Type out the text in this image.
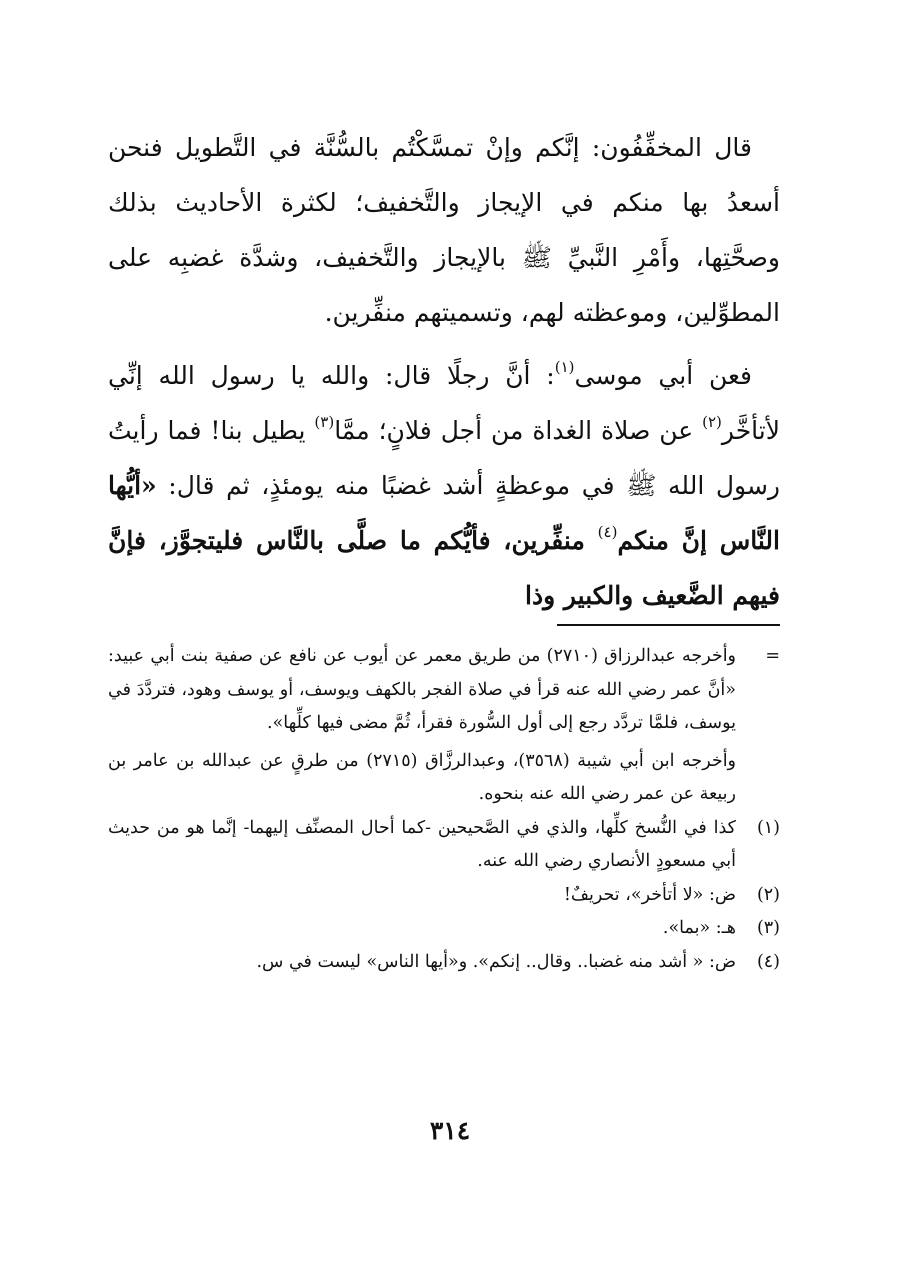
قال المخفِّفُون: إنَّكم وإنْ تمسَّكْتُم بالسُّنَّة في التَّطويل فنحن أسعدُ بها منكم في الإيجاز والتَّخفيف؛ لكثرة الأحاديث بذلك وصحَّتِها، وأَمْرِ النَّبيِّ ﷺ بالإيجاز والتَّخفيف، وشدَّة غضبِه على المطوِّلين، وموعظته لهم، وتسميتهم منفِّرين.

فعن أبي موسى$^{(١)}$: أنَّ رجلًا قال: والله يا رسول الله إنِّي لأتأخَّر$^{(٢)}$ عن صلاة الغداة من أجل فلانٍ؛ ممَّا$^{(٣)}$ يطيل بنا! فما رأيتُ رسول الله ﷺ في موعظةٍ أشد غضبًا منه يومئذٍ، ثم قال: «أيُّها النَّاس إنَّ منكم$^{(٤)}$ منفِّرين، فأيُّكم ما صلَّى بالنَّاس فليتجوَّز، فإنَّ فيهم الضَّعيف والكبير وذا

=

وأخرجه عبدالرزاق (٢٧١٠) من طريق معمر عن أيوب عن نافع عن صفية بنت أبي عبيد: «أنَّ عمر رضي الله عنه قرأ في صلاة الفجر بالكهف ويوسف، أو يوسف وهود، فتردَّدَ في يوسف، فلمَّا تردَّد رجع إلى أول السُّورة فقرأ، ثُمَّ مضى فيها كلِّها».

وأخرجه ابن أبي شيبة (٣٥٦٨)، وعبدالرزَّاق (٢٧١٥) من طرقٍ عن عبدالله بن عامر بن ربيعة عن عمر رضي الله عنه بنحوه.

(١)
كذا في النُّسخ كلِّها، والذي في الصَّحيحين -كما أحال المصنِّف إليهما- إنَّما هو من حديث أبي مسعودٍ الأنصاري رضي الله عنه.
(٢)
ض: «لا أتأخر»، تحريفٌ!
(٣)
هـ: «بما».
(٤)
ض: « أشد منه غضبا.. وقال.. إنكم». و«أيها الناس» ليست في س.
٣١٤
